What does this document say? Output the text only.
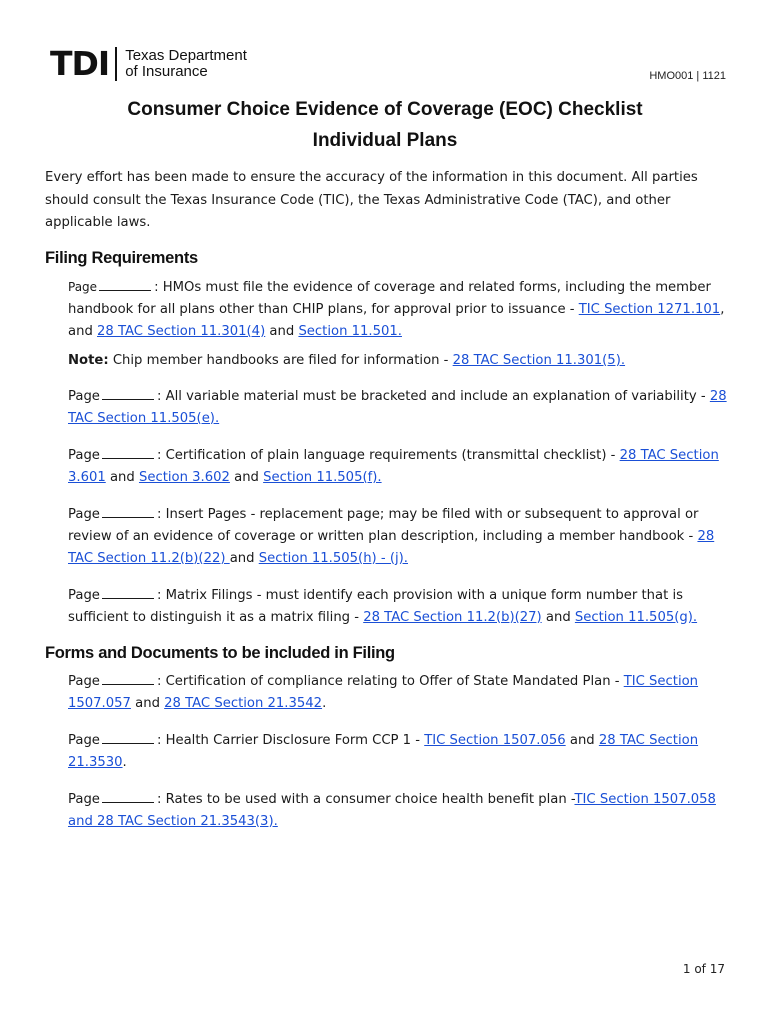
TDI Texas Department
of Insurance	HMO001 | 1121
Consumer Choice Evidence of Coverage (EOC) Checklist
Individual Plans

Every effort has been made to ensure the accuracy of the information in this document. All parties should consult the Texas Insurance Code (TIC), the Texas Administrative Code (TAC), and other applicable laws.

Filing Requirements
Page	: HMOs must file the evidence of coverage and related forms, including the member handbook for all plans other than CHIP plans, for approval prior to issuance - TIC Section 1271.101, and 28 TAC Section 11.301(4) and Section 11.501.
Note: Chip member handbooks are filed for information - 28 TAC Section 11.301(5).
Page	: All variable material must be bracketed and include an explanation of variability - 28 TAC Section 11.505(e).
Page	: Certification of plain language requirements (transmittal checklist) - 28 TAC Section 3.601 and Section 3.602 and Section 11.505(f).
Page	: Insert Pages - replacement page; may be filed with or subsequent to approval or review of an evidence of coverage or written plan description, including a member handbook - 28 TAC Section 11.2(b)(22) and Section 11.505(h) - (j).
Page	: Matrix Filings - must identify each provision with a unique form number that is sufficient to distinguish it as a matrix filing - 28 TAC Section 11.2(b)(27) and Section 11.505(g).
Forms and Documents to be included in Filing
Page	: Certification of compliance relating to Offer of State Mandated Plan - TIC Section 1507.057 and 28 TAC Section 21.3542.
Page	: Health Carrier Disclosure Form CCP 1 - TIC Section 1507.056 and 28 TAC Section 21.3530.
Page	: Rates to be used with a consumer choice health benefit plan -TIC Section 1507.058 and 28 TAC Section 21.3543(3).
1 of 17
